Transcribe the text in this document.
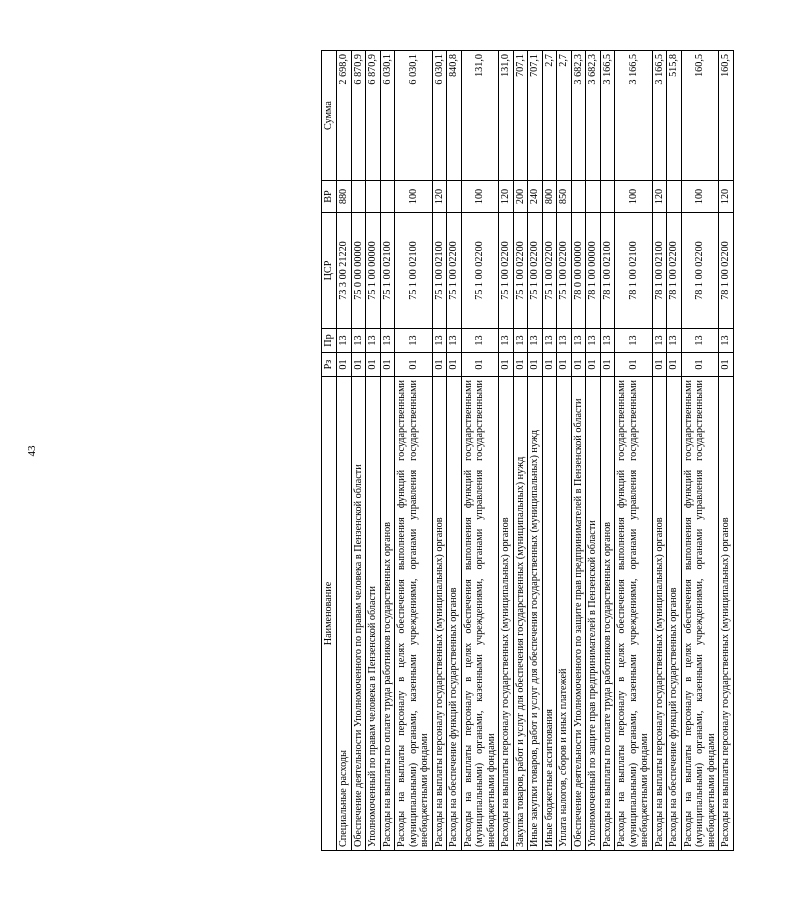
43
Наименование	Рз	Пр	ЦСР	ВР	Сумма
Специальные расходы	01	13	73 3 00 21220	880	2 698,0
Обеспечение деятельности Уполномоченного по правам человека в Пензенской области	01	13	75 0 00 00000		6 870,9
Уполномоченный по правам человека в Пензенской области	01	13	75 1 00 00000		6 870,9
Расходы на выплаты по оплате труда работников государственных органов	01	13	75 1 00 02100		6 030,1
Расходы на выплаты персоналу в целях обеспечения выполнения функций государственными (муниципальными) органами, казенными учреждениями, органами управления государственными внебюджетными фондами	01	13	75 1 00 02100	100	6 030,1
Расходы на выплаты персоналу государственных (муниципальных) органов	01	13	75 1 00 02100	120	6 030,1
Расходы на обеспечение функций государственных органов	01	13	75 1 00 02200		840,8
Расходы на выплаты персоналу в целях обеспечения выполнения функций государственными (муниципальными) органами, казенными учреждениями, органами управления государственными внебюджетными фондами	01	13	75 1 00 02200	100	131,0
Расходы на выплаты персоналу государственных (муниципальных) органов	01	13	75 1 00 02200	120	131,0
Закупка товаров, работ и услуг для обеспечения государственных (муниципальных) нужд	01	13	75 1 00 02200	200	707,1
Иные закупки товаров, работ и услуг для обеспечения государственных (муниципальных) нужд	01	13	75 1 00 02200	240	707,1
Иные бюджетные ассигнования	01	13	75 1 00 02200	800	2,7
Уплата налогов, сборов и иных платежей	01	13	75 1 00 02200	850	2,7
Обеспечение деятельности Уполномоченного по защите прав предпринимателей в Пензенской области	01	13	78 0 00 00000		3 682,3
Уполномоченный по защите прав предпринимателей в Пензенской области	01	13	78 1 00 00000		3 682,3
Расходы на выплаты по оплате труда работников государственных органов	01	13	78 1 00 02100		3 166,5
Расходы на выплаты персоналу в целях обеспечения выполнения функций государственными (муниципальными) органами, казенными учреждениями, органами управления государственными внебюджетными фондами	01	13	78 1 00 02100	100	3 166,5
Расходы на выплаты персоналу государственных (муниципальных) органов	01	13	78 1 00 02100	120	3 166,5
Расходы на обеспечение функций государственных органов	01	13	78 1 00 02200		515,8
Расходы на выплаты персоналу в целях обеспечения выполнения функций государственными (муниципальными) органами, казенными учреждениями, органами управления государственными внебюджетными фондами	01	13	78 1 00 02200	100	160,5
Расходы на выплаты персоналу государственных (муниципальных) органов	01	13	78 1 00 02200	120	160,5
